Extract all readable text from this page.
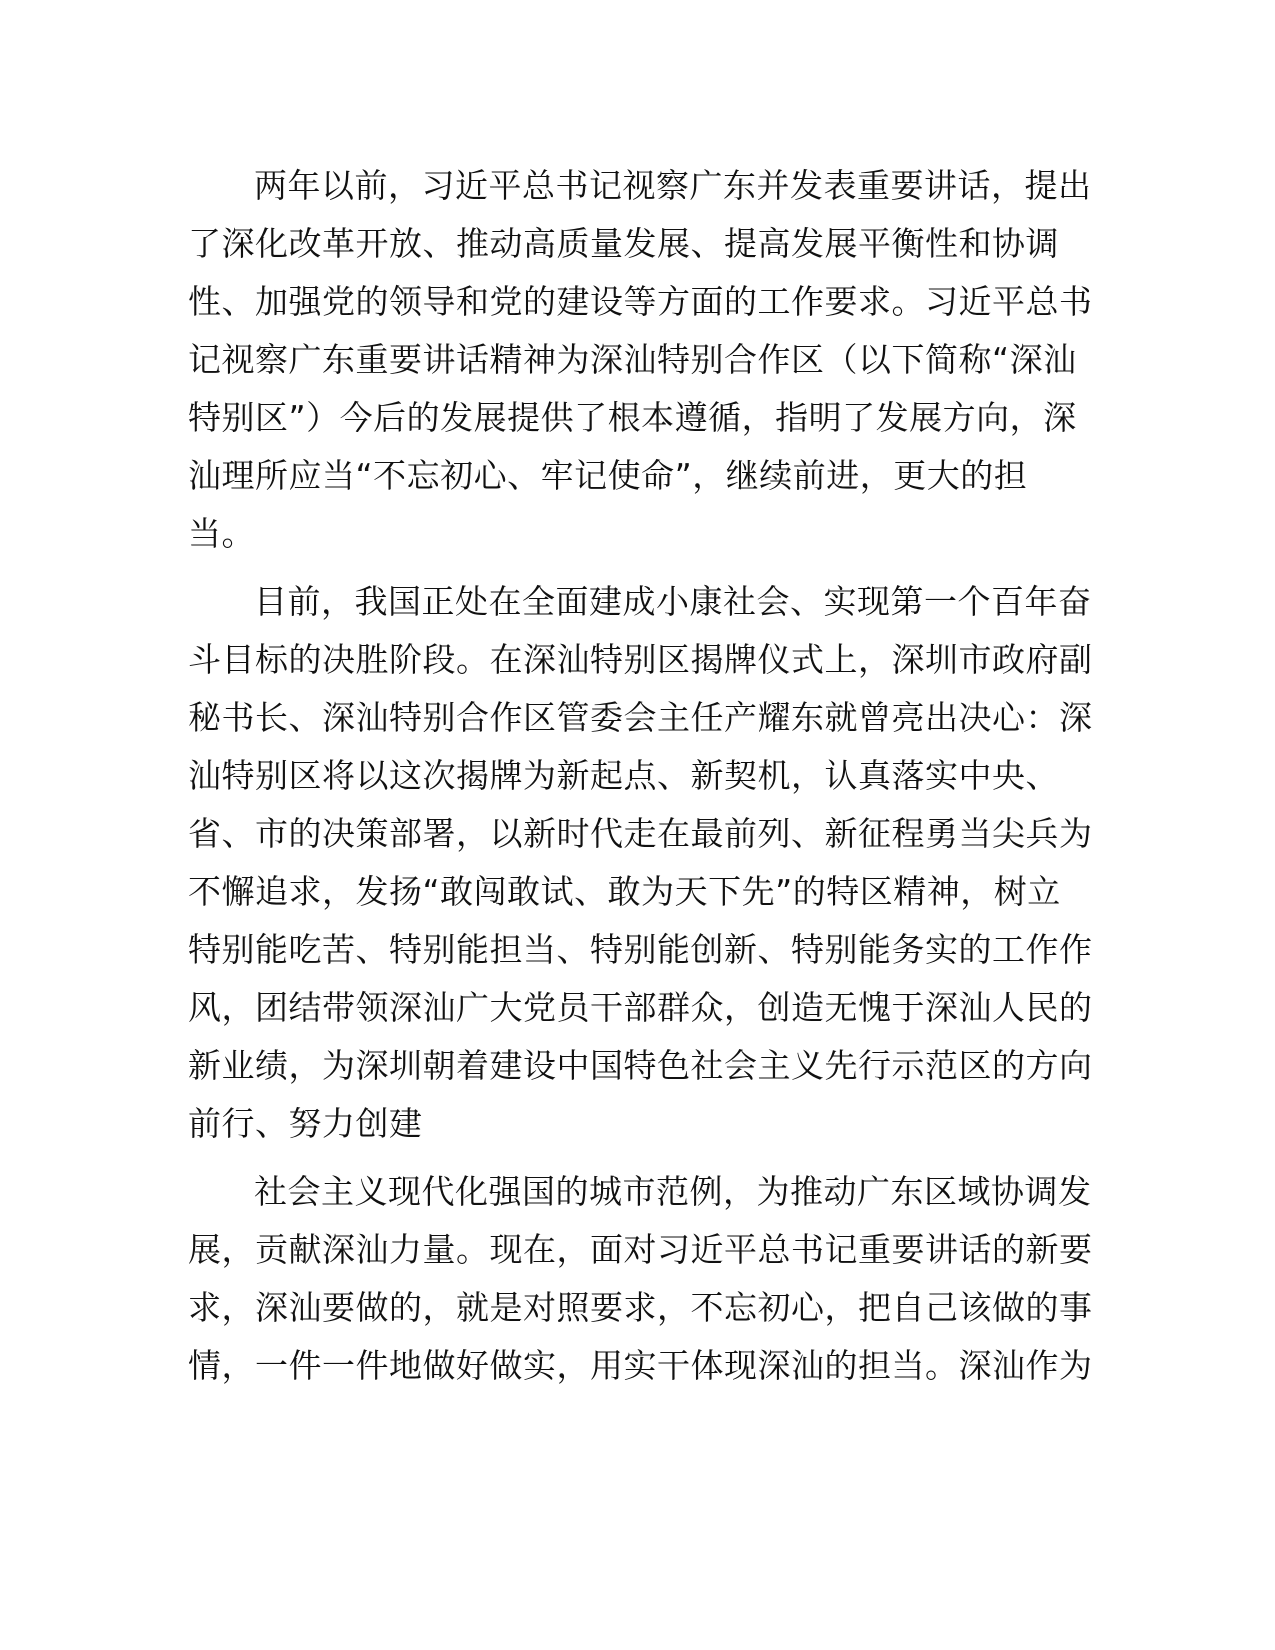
两年以前，习近平总书记视察广东并发表重要讲话，提出
了深化改革开放、推动高质量发展、提高发展平衡性和协调
性、加强党的领导和党的建设等方面的工作要求。习近平总书
记视察广东重要讲话精神为深汕特别合作区（以下简称“深汕
特别区”）今后的发展提供了根本遵循，指明了发展方向，深
汕理所应当“不忘初心、牢记使命”，继续前进，更大的担
当。
目前，我国正处在全面建成小康社会、实现第一个百年奋
斗目标的决胜阶段。在深汕特别区揭牌仪式上，深圳市政府副
秘书长、深汕特别合作区管委会主任产耀东就曾亮出决心：深
汕特别区将以这次揭牌为新起点、新契机，认真落实中央、
省、市的决策部署，以新时代走在最前列、新征程勇当尖兵为
不懈追求，发扬“敢闯敢试、敢为天下先”的特区精神，树立
特别能吃苦、特别能担当、特别能创新、特别能务实的工作作
风，团结带领深汕广大党员干部群众，创造无愧于深汕人民的
新业绩，为深圳朝着建设中国特色社会主义先行示范区的方向
前行、努力创建
社会主义现代化强国的城市范例，为推动广东区域协调发
展，贡献深汕力量。现在，面对习近平总书记重要讲话的新要
求，深汕要做的，就是对照要求，不忘初心，把自己该做的事
情，一件一件地做好做实，用实干体现深汕的担当。深汕作为
